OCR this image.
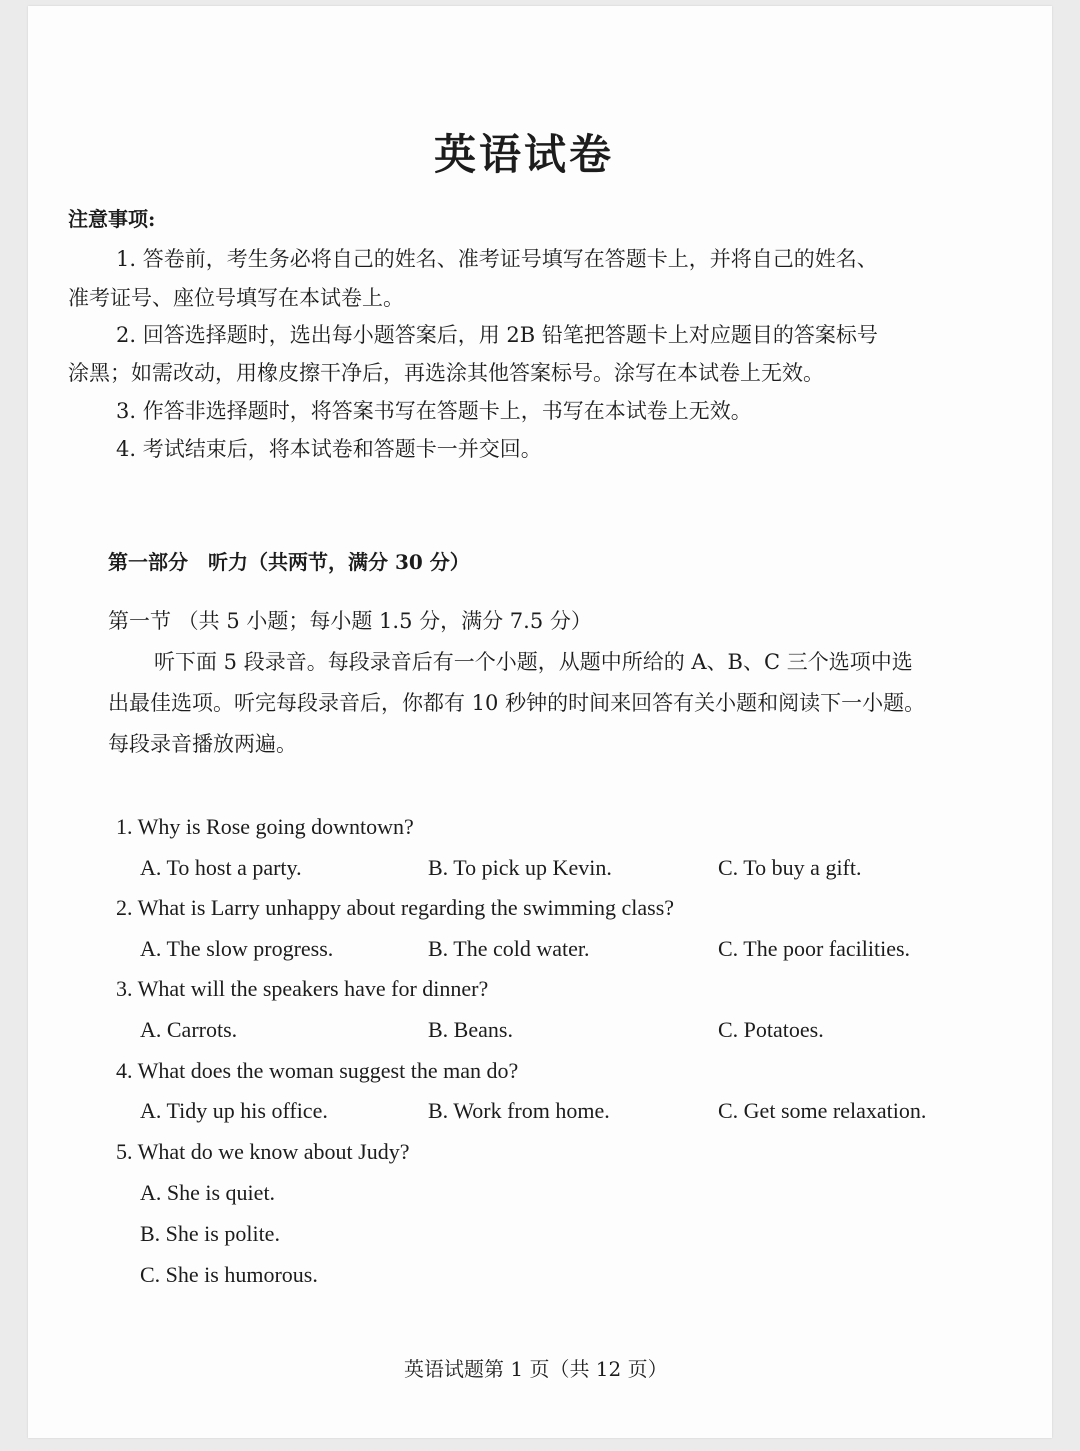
英语试卷
注意事项:
1. 答卷前，考生务必将自己的姓名、准考证号填写在答题卡上，并将自己的姓名、
准考证号、座位号填写在本试卷上。
2. 回答选择题时，选出每小题答案后，用 2B 铅笔把答题卡上对应题目的答案标号
涂黑；如需改动，用橡皮擦干净后，再选涂其他答案标号。涂写在本试卷上无效。
3. 作答非选择题时，将答案书写在答题卡上，书写在本试卷上无效。
4. 考试结束后，将本试卷和答题卡一并交回。
第一部分　听力（共两节，满分 30 分）
第一节 （共 5 小题；每小题 1.5 分，满分 7.5 分）
听下面 5 段录音。每段录音后有一个小题，从题中所给的 A、B、C 三个选项中选
出最佳选项。听完每段录音后，你都有 10 秒钟的时间来回答有关小题和阅读下一小题。
每段录音播放两遍。
1. Why is Rose going downtown?
A. To host a party.	B. To pick up Kevin.	C. To buy a gift.
2. What is Larry unhappy about regarding the swimming class?
A. The slow progress.	B. The cold water.	C. The poor facilities.
3. What will the speakers have for dinner?
A. Carrots.	B. Beans.	C. Potatoes.
4. What does the woman suggest the man do?
A. Tidy up his office.	B. Work from home.	C. Get some relaxation.
5. What do we know about Judy?
A. She is quiet.
B. She is polite.
C. She is humorous.
英语试题第 1 页（共 12 页）
